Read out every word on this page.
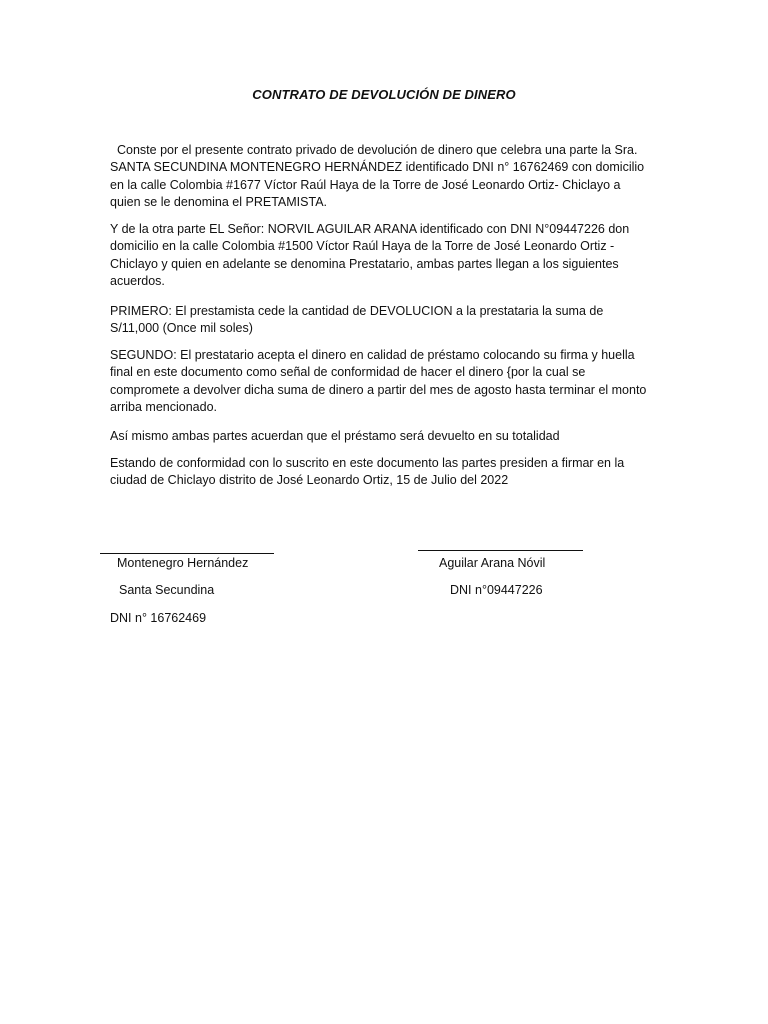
CONTRATO DE DEVOLUCIÓN DE DINERO

Conste por el presente contrato privado de devolución de dinero que celebra una parte la Sra. SANTA SECUNDINA MONTENEGRO HERNÁNDEZ identificado DNI n° 16762469 con domicilio en la calle Colombia #1677 Víctor Raúl Haya de la Torre de José Leonardo Ortiz- Chiclayo a quien se le denomina el PRETAMISTA.

Y de la otra parte EL Señor: NORVIL AGUILAR ARANA identificado con DNI N°09447226 don domicilio en la calle Colombia #1500 Víctor Raúl Haya de la Torre de José Leonardo Ortiz - Chiclayo y quien en adelante se denomina Prestatario, ambas partes llegan a los siguientes acuerdos.

PRIMERO: El prestamista cede la cantidad de DEVOLUCION a la prestataria la suma de S/11,000 (Once mil soles)

SEGUNDO: El prestatario acepta el dinero en calidad de préstamo colocando su firma y huella final en este documento como señal de conformidad de hacer el dinero {por la cual se compromete a devolver dicha suma de dinero a partir del mes de agosto hasta terminar el monto arriba mencionado.

Así mismo ambas partes acuerdan que el préstamo será devuelto en su totalidad

Estando de conformidad con lo suscrito en este documento las partes presiden a firmar en la ciudad de Chiclayo distrito de José Leonardo Ortiz, 15 de Julio del 2022

Montenegro Hernández
Santa Secundina
DNI n° 16762469
Aguilar Arana Nóvil
DNI n°09447226
